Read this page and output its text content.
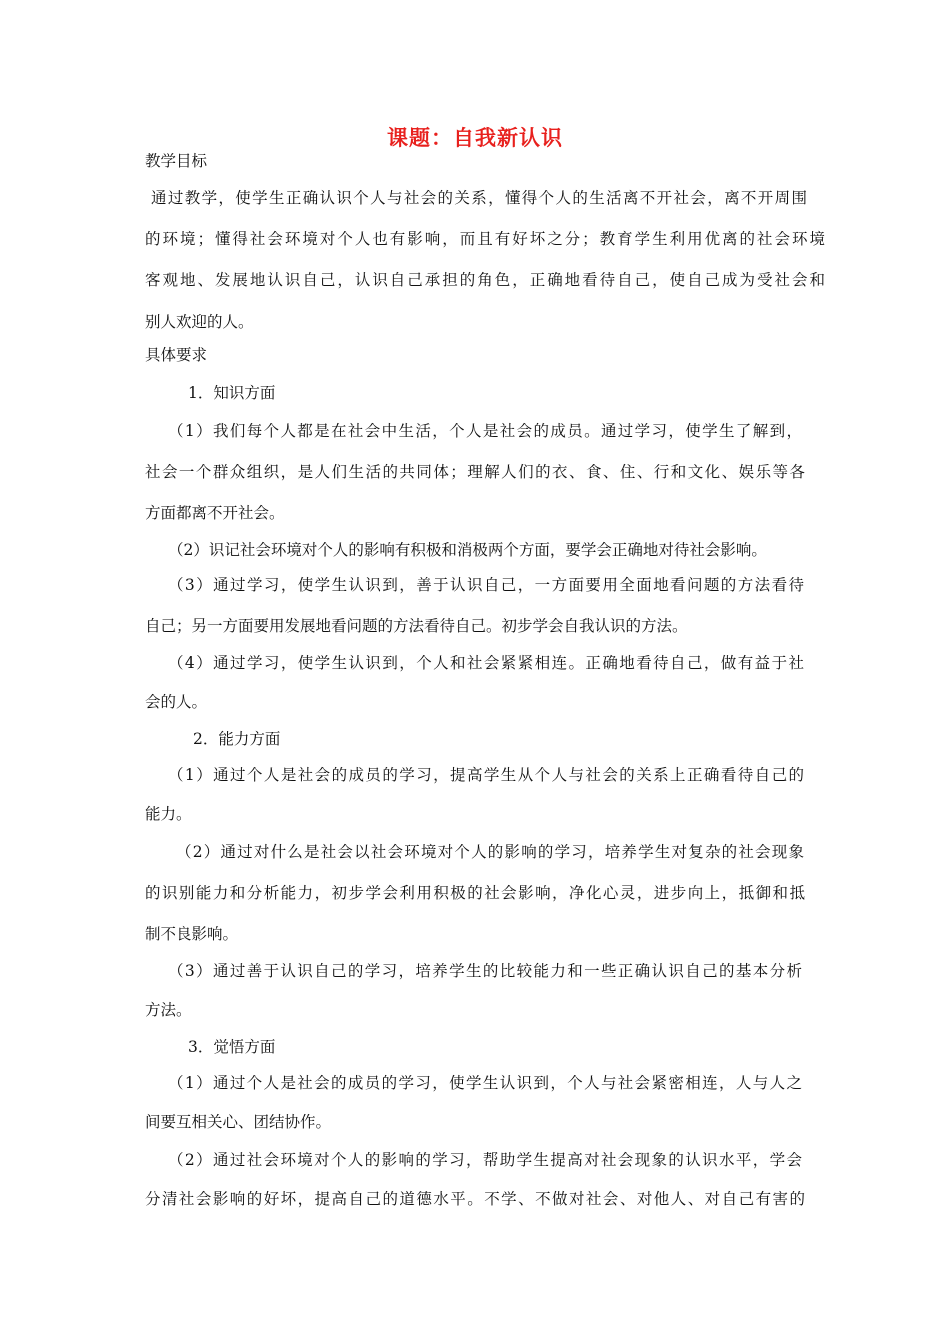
课题：自我新认识
教学目标
通过教学，使学生正确认识个人与社会的关系，懂得个人的生活离不开社会，离不开周围
的环境；懂得社会环境对个人也有影响，而且有好坏之分；教育学生利用优离的社会环境
客观地、发展地认识自己，认识自己承担的角色，正确地看待自己，使自己成为受社会和
别人欢迎的人。
具体要求
1．知识方面
（1）我们每个人都是在社会中生活，个人是社会的成员。通过学习，使学生了解到，
社会一个群众组织，是人们生活的共同体；理解人们的衣、食、住、行和文化、娱乐等各
方面都离不开社会。
（2）识记社会环境对个人的影响有积极和消极两个方面，要学会正确地对待社会影响。
（3）通过学习，使学生认识到，善于认识自己，一方面要用全面地看问题的方法看待
自己；另一方面要用发展地看问题的方法看待自己。初步学会自我认识的方法。
（4）通过学习，使学生认识到，个人和社会紧紧相连。正确地看待自己，做有益于社
会的人。
2．能力方面
（1）通过个人是社会的成员的学习，提高学生从个人与社会的关系上正确看待自己的
能力。
（2）通过对什么是社会以社会环境对个人的影响的学习，培养学生对复杂的社会现象
的识别能力和分析能力，初步学会利用积极的社会影响，净化心灵，进步向上，抵御和抵
制不良影响。
（3）通过善于认识自己的学习，培养学生的比较能力和一些正确认识自己的基本分析
方法。
3．觉悟方面
（1）通过个人是社会的成员的学习，使学生认识到，个人与社会紧密相连，人与人之
间要互相关心、团结协作。
（2）通过社会环境对个人的影响的学习，帮助学生提高对社会现象的认识水平，学会
分清社会影响的好坏，提高自己的道德水平。不学、不做对社会、对他人、对自己有害的
